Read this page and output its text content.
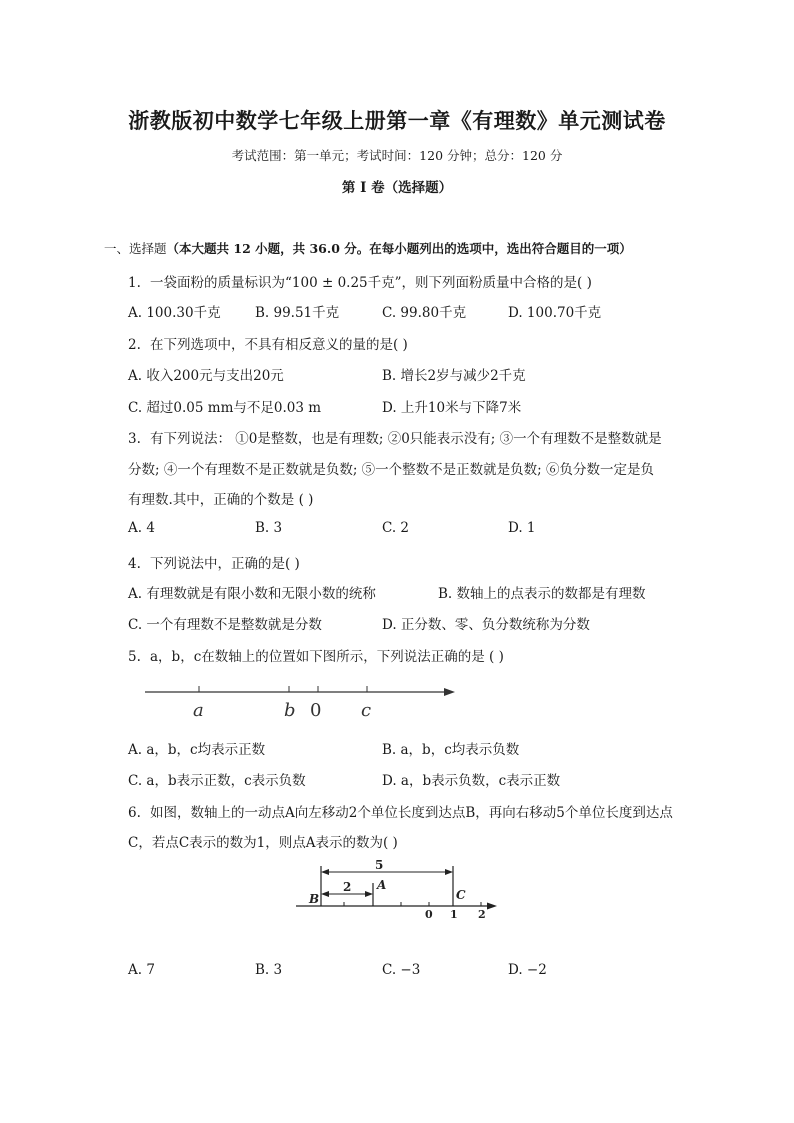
浙教版初中数学七年级上册第一章《有理数》单元测试卷
考试范围：第一单元；考试时间：120 分钟；总分：120 分
第 I 卷（选择题）
一、选择题（本大题共 12 小题，共 36.0 分。在每小题列出的选项中，选出符合题目的一项）
1. 一袋面粉的质量标识为“100 ± 0.25千克”，则下列面粉质量中合格的是( )
A. 100.30千克	B. 99.51千克	C. 99.80千克	D. 100.70千克
2. 在下列选项中，不具有相反意义的量的是( )
A. 收入200元与支出20元	B. 增长2岁与减少2千克
C. 超过0.05 mm与不足0.03 m	D. 上升10米与下降7米
3. 有下列说法： ①0是整数，也是有理数; ②0只能表示没有; ③一个有理数不是整数就是
分数; ④一个有理数不是正数就是负数; ⑤一个整数不是正数就是负数; ⑥负分数一定是负
有理数.其中，正确的个数是 ( )
A. 4	B. 3	C. 2	D. 1
4. 下列说法中，正确的是( )
A. 有理数就是有限小数和无限小数的统称	B. 数轴上的点表示的数都是有理数
C. 一个有理数不是整数就是分数	D. 正分数、零、负分数统称为分数
5. a，b，c在数轴上的位置如下图所示，下列说法正确的是 ( )
a	b 0 c
A. a，b，c均表示正数	B. a，b，c均表示负数
C. a，b表示正数，c表示负数	D. a，b表示负数，c表示正数
6. 如图，数轴上的一动点A向左移动2个单位长度到达点B，再向右移动5个单位长度到达点
C，若点C表示的数为1，则点A表示的数为( )
5
2
B
A
C
0 1 2
A. 7	B. 3	C. −3	D. −2
